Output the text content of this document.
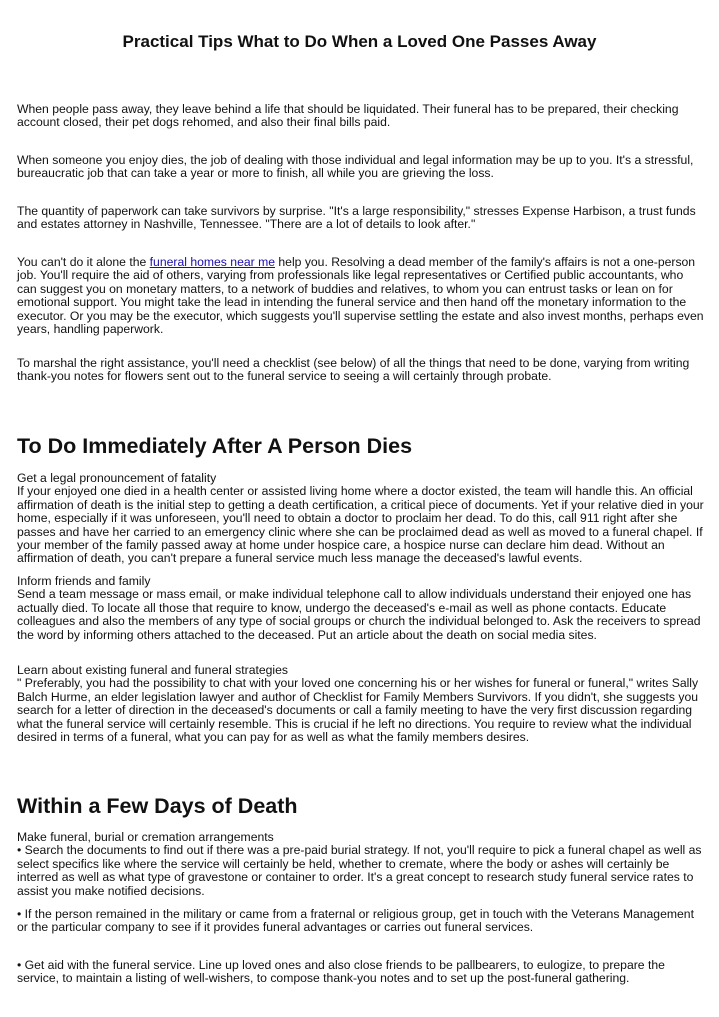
Practical Tips What to Do When a Loved One Passes Away

When people pass away, they leave behind a life that should be liquidated. Their funeral has to be prepared, their checking account closed, their pet dogs rehomed, and also their final bills paid.

When someone you enjoy dies, the job of dealing with those individual and legal information may be up to you. It's a stressful, bureaucratic job that can take a year or more to finish, all while you are grieving the loss.

The quantity of paperwork can take survivors by surprise. "It's a large responsibility," stresses Expense Harbison, a trust funds and estates attorney in Nashville, Tennessee. "There are a lot of details to look after."

You can't do it alone the funeral homes near me help you. Resolving a dead member of the family's affairs is not a one-person job. You'll require the aid of others, varying from professionals like legal representatives or Certified public accountants, who can suggest you on monetary matters, to a network of buddies and relatives, to whom you can entrust tasks or lean on for emotional support. You might take the lead in intending the funeral service and then hand off the monetary information to the executor. Or you may be the executor, which suggests you'll supervise settling the estate and also invest months, perhaps even years, handling paperwork.

To marshal the right assistance, you'll need a checklist (see below) of all the things that need to be done, varying from writing thank-you notes for flowers sent out to the funeral service to seeing a will certainly through probate.

To Do Immediately After A Person Dies

Get a legal pronouncement of fatality
If your enjoyed one died in a health center or assisted living home where a doctor existed, the team will handle this. An official affirmation of death is the initial step to getting a death certification, a critical piece of documents. Yet if your relative died in your home, especially if it was unforeseen, you'll need to obtain a doctor to proclaim her dead. To do this, call 911 right after she passes and have her carried to an emergency clinic where she can be proclaimed dead as well as moved to a funeral chapel. If your member of the family passed away at home under hospice care, a hospice nurse can declare him dead. Without an affirmation of death, you can't prepare a funeral service much less manage the deceased's lawful events.

Inform friends and family
Send a team message or mass email, or make individual telephone call to allow individuals understand their enjoyed one has actually died. To locate all those that require to know, undergo the deceased's e-mail as well as phone contacts. Educate colleagues and also the members of any type of social groups or church the individual belonged to. Ask the receivers to spread the word by informing others attached to the deceased. Put an article about the death on social media sites.

Learn about existing funeral and funeral strategies
" Preferably, you had the possibility to chat with your loved one concerning his or her wishes for funeral or funeral," writes Sally Balch Hurme, an elder legislation lawyer and author of Checklist for Family Members Survivors. If you didn't, she suggests you search for a letter of direction in the deceased's documents or call a family meeting to have the very first discussion regarding what the funeral service will certainly resemble. This is crucial if he left no directions. You require to review what the individual desired in terms of a funeral, what you can pay for as well as what the family members desires.

Within a Few Days of Death

Make funeral, burial or cremation arrangements
• Search the documents to find out if there was a pre-paid burial strategy. If not, you'll require to pick a funeral chapel as well as select specifics like where the service will certainly be held, whether to cremate, where the body or ashes will certainly be interred as well as what type of gravestone or container to order. It's a great concept to research study funeral service rates to assist you make notified decisions.

• If the person remained in the military or came from a fraternal or religious group, get in touch with the Veterans Management or the particular company to see if it provides funeral advantages or carries out funeral services.

• Get aid with the funeral service. Line up loved ones and also close friends to be pallbearers, to eulogize, to prepare the service, to maintain a listing of well-wishers, to compose thank-you notes and to set up the post-funeral gathering.
